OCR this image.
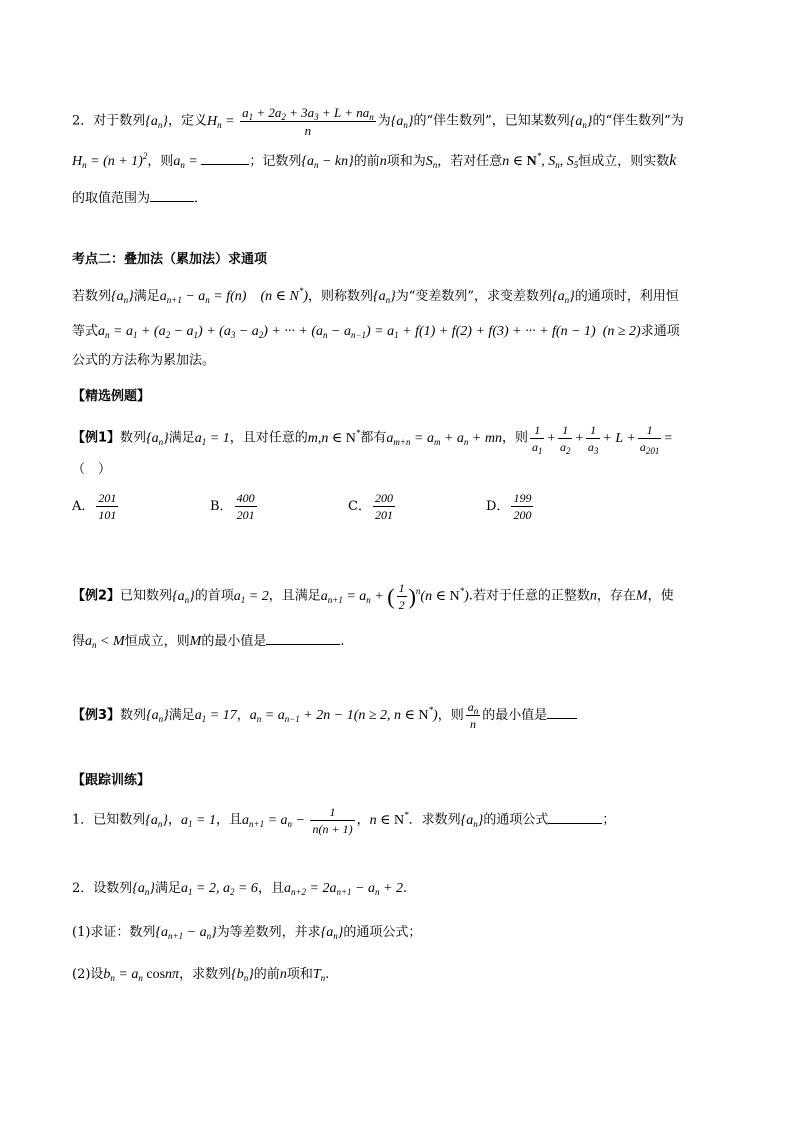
2．对于数列$\{a_n\}$，定义$H_n = \frac{a_1 + 2a_2 + 3a_3 + L + na_n}{n}$ 为$\{a_n\}$的“伴生数列”，已知某数列$\{a_n\}$的“伴生数列”为
$H_n = (n + 1)^2$，则$a_n$ =	；记数列$\{a_n - kn\}$的前n项和为$S_n$，若对任意n ∈ N*, $S_n$, $S_5$恒成立，则实数k
的取值范围为	．
考点二：叠加法（累加法）求通项
若数列$\{a_n\}$满足$a_{n+1} - a_n = f(n)$    (n ∈ N*)，则称数列$\{a_n\}$为“变差数列”，求变差数列$\{a_n\}$的通项时，利用恒
等式$a_n = a_1 + (a_2 - a_1) + (a_3 - a_2)$ + ··· + $(a_n - a_{n-1}) = a_1 + f(1) + f(2) + f(3)$ + ··· + f(n − 1)  (n ≥ 2)求通项
公式的方法称为累加法。
【精选例题】
【例1】数列$\{a_n\}$满足$a_1 = 1$，且对任意的m,n ∈ N*都有$a_{m+n} = a_m + a_n$ + mn，则 $\frac{1}{a_1} + \frac{1}{a_2} + \frac{1}{a_3} + L + \frac{1}{a_{201}}$ =
（　）
A． $\frac{201}{101}$	B． $\frac{400}{201}$	C． $\frac{200}{201}$	D． $\frac{199}{200}$
【例2】已知数列$\{a_n\}$的首项$a_1 = 2$，且满足$a_{n+1} = a_n$ + ( $\frac{1}{2} )^n(n$ ∈ N*).若对于任意的正整数n，存在M，使
得$a_n < M$恒成立，则M的最小值是	.
【例3】数列$\{a_n\}$满足$a_1 = 17$，$a_n = a_{n-1} + 2n - 1(n \ge 2$, n ∈ N*)，则 $\frac{a_n}{n}$ 的最小值是
【跟踪训练】
1．已知数列$\{a_n\}$，$a_1 = 1$，且$a_{n+1} = a_n - \frac{1}{n(n + 1)}$ ，n ∈ N*．求数列$\{a_n\}$的通项公式	；
2．设数列$\{a_n\}$满足$a_1 = 2$, $a_2 = 6$，且$a_{n+2} = 2a_{n+1} - a_n + 2$.
(1)求证：数列$\{a_{n+1} - a_n\}$为等差数列，并求$\{a_n\}$的通项公式；
(2)设$b_n = a_n$ cosnπ，求数列$\{b_n\}$的前n项和$T_n$.
